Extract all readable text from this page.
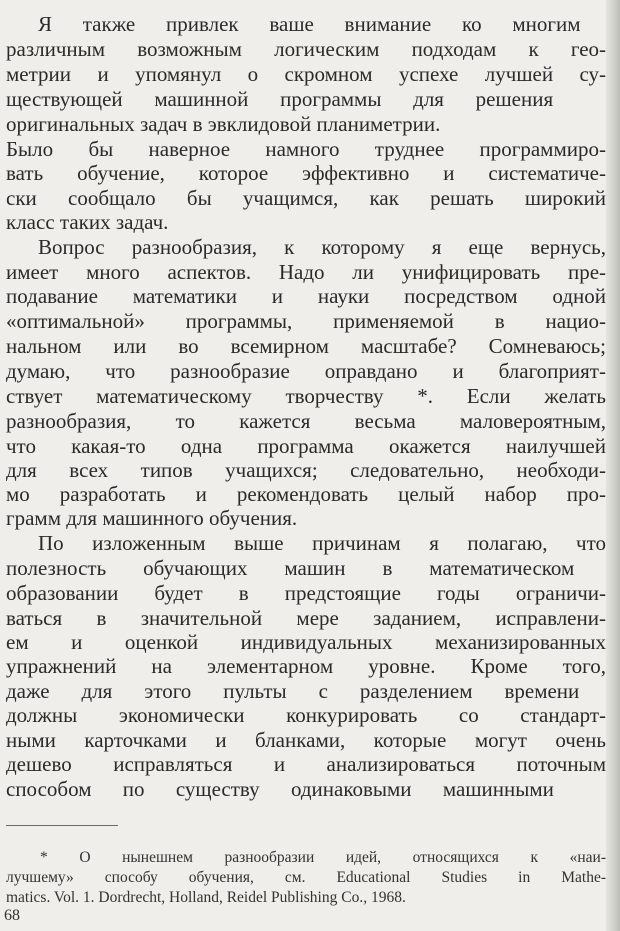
Я также привлек ваше внимание ко многим

различным возможным логическим подходам к гео-

метрии и упомянул о скромном успехе лучшей су-

ществующей машинной программы для решения

оригинальных задач в эвклидовой планиметрии.

Было бы наверное намного труднее программиро-

вать обучение, которое эффективно и систематиче-

ски сообщало бы учащимся, как решать широкий

класс таких задач.

Вопрос разнообразия, к которому я еще вернусь,

имеет много аспектов. Надо ли унифицировать пре-

подавание математики и науки посредством одной

«оптимальной» программы, применяемой в нацио-

нальном или во всемирном масштабе? Сомневаюсь;

думаю, что разнообразие оправдано и благоприят-

ствует математическому творчеству *. Если желать

разнообразия, то кажется весьма маловероятным,

что какая-то одна программа окажется наилучшей

для всех типов учащихся; следовательно, необходи-

мо разработать и рекомендовать целый набор про-

грамм для машинного обучения.

По изложенным выше причинам я полагаю, что

полезность обучающих машин в математическом

образовании будет в предстоящие годы ограничи-

ваться в значительной мере заданием, исправлени-

ем и оценкой индивидуальных механизированных

упражнений на элементарном уровне. Кроме того,

даже для этого пульты с разделением времени

должны экономически конкурировать со стандарт-

ными карточками и бланками, которые могут очень

дешево исправляться и анализироваться поточным

способом по существу одинаковыми машинными

* О нынешнем разнообразии идей, относящихся к «наи-

лучшему» способу обучения, см. Educational Studies in Mathe-

matics. Vol. 1. Dordrecht, Holland, Reidel Publishing Co., 1968.

68
